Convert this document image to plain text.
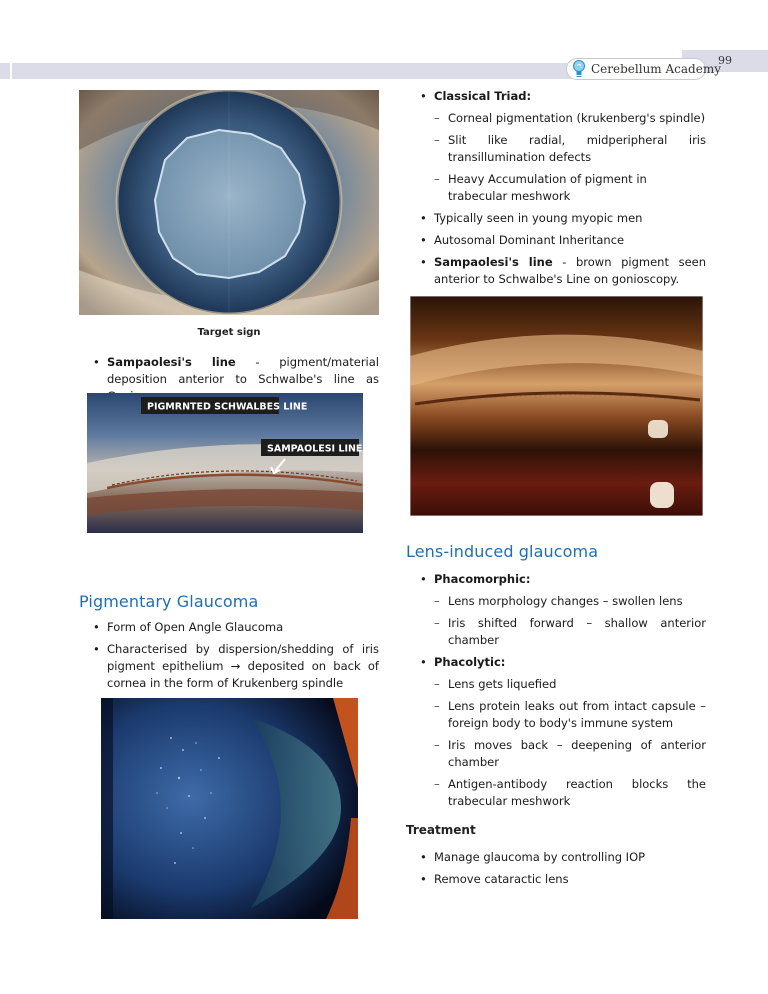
99
Cerebellum Academy
Target sign
• Sampaolesi's line - pigment/material deposition anterior to Schwalbe's line as
PIGMRNTED SCHWALBES LINE
SAMPAOLESI LINE
Pigmentary Glaucoma
• Form of Open Angle Glaucoma
• Characterised by dispersion/shedding of iris pigment epithelium → deposited on back of cornea in the form of Krukenberg spindle
• Classical Triad:
– Corneal pigmentation (krukenberg's spindle)
– Slit like radial, midperipheral iris transillumination defects
– Heavy Accumulation of pigment in trabecular meshwork
• Typically seen in young myopic men
• Autosomal Dominant Inheritance
• Sampaolesi's line - brown pigment seen anterior to Schwalbe's Line on gonioscopy.
Lens-induced glaucoma
• Phacomorphic:
– Lens morphology changes – swollen lens
– Iris shifted forward – shallow anterior chamber
• Phacolytic:
– Lens gets liquefied
– Lens protein leaks out from intact capsule – foreign body to body's immune system
– Iris moves back – deepening of anterior chamber
– Antigen-antibody reaction blocks the trabecular meshwork
Treatment
• Manage glaucoma by controlling IOP
• Remove cataractic lens
